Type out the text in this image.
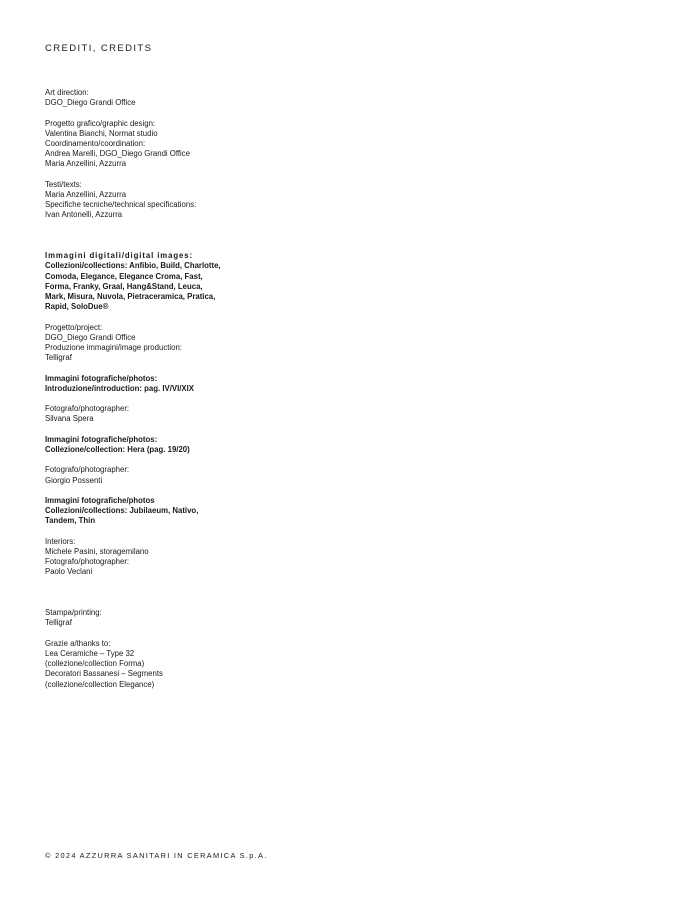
CREDITI, CREDITS
Art direction:
DGO_Diego Grandi Office
Progetto grafico/graphic design:
Valentina Bianchi, Normat studio
Coordinamento/coordination:
Andrea Marelli, DGO_Diego Grandi Office
Maria Anzellini, Azzurra
Testi/texts:
Maria Anzellini, Azzurra
Specifiche tecniche/technical specifications:
Ivan Antonelli, Azzurra
Immagini digitali/digital images:
Collezioni/collections: Anfibio, Build, Charlotte,
Comoda, Elegance, Elegance Croma, Fast,
Forma, Franky, Graal, Hang&Stand, Leuca,
Mark, Misura, Nuvola, Pietraceramica, Pratica,
Rapid, SoloDue®
Progetto/project:
DGO_Diego Grandi Office
Produzione immagini/image production:
Telligraf
Immagini fotografiche/photos:
Introduzione/introduction: pag. IV/VI/XIX
Fotografo/photographer:
Silvana Spera
Immagini fotografiche/photos:
Collezione/collection: Hera (pag. 19/20)
Fotografo/photographer:
Giorgio Possenti
Immagini fotografiche/photos
Collezioni/collections: Jubilaeum, Nativo,
Tandem, Thin
Interiors:
Michele Pasini, storagemilano
Fotografo/photographer:
Paolo Veclani
Stampa/printing:
Telligraf
Grazie a/thanks to:
Lea Ceramiche – Type 32
(collezione/collection Forma)
Decoratori Bassanesi – Segments
(collezione/collection Elegance)
© 2024 AZZURRA SANITARI IN CERAMICA S.p.A.
